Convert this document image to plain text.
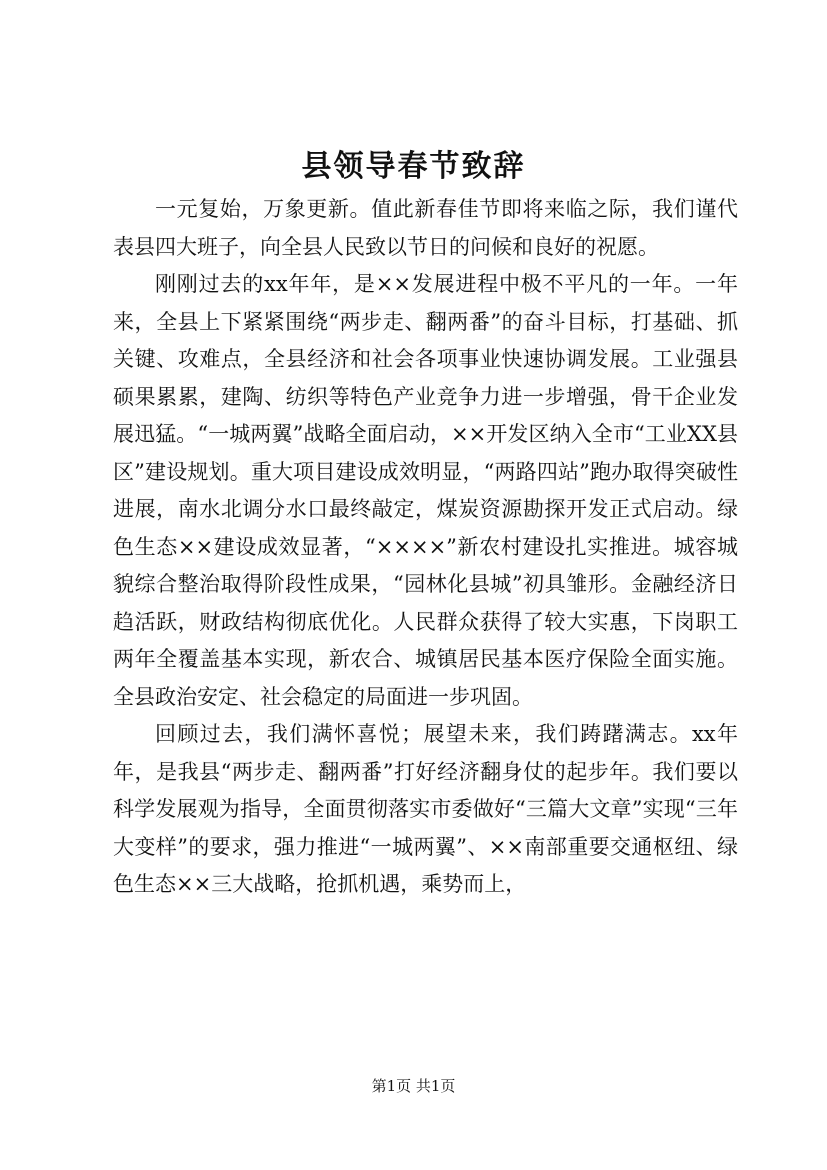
县领导春节致辞

一元复始，万象更新。值此新春佳节即将来临之际，我们谨代表县四大班子，向全县人民致以节日的问候和良好的祝愿。

刚刚过去的xx年年，是××发展进程中极不平凡的一年。一年来，全县上下紧紧围绕“两步走、翻两番”的奋斗目标，打基础、抓关键、攻难点，全县经济和社会各项事业快速协调发展。工业强县硕果累累，建陶、纺织等特色产业竞争力进一步增强，骨干企业发展迅猛。“一城两翼”战略全面启动，××开发区纳入全市“工业XX县区”建设规划。重大项目建设成效明显，“两路四站”跑办取得突破性进展，南水北调分水口最终敲定，煤炭资源勘探开发正式启动。绿色生态××建设成效显著，“××××”新农村建设扎实推进。城容城貌综合整治取得阶段性成果，“园林化县城”初具雏形。金融经济日趋活跃，财政结构彻底优化。人民群众获得了较大实惠，下岗职工两年全覆盖基本实现，新农合、城镇居民基本医疗保险全面实施。全县政治安定、社会稳定的局面进一步巩固。

回顾过去，我们满怀喜悦；展望未来，我们踌躇满志。xx年年，是我县“两步走、翻两番”打好经济翻身仗的起步年。我们要以科学发展观为指导，全面贯彻落实市委做好“三篇大文章”实现“三年大变样”的要求，强力推进“一城两翼”、××南部重要交通枢纽、绿色生态××三大战略，抢抓机遇，乘势而上，

第1页 共1页
